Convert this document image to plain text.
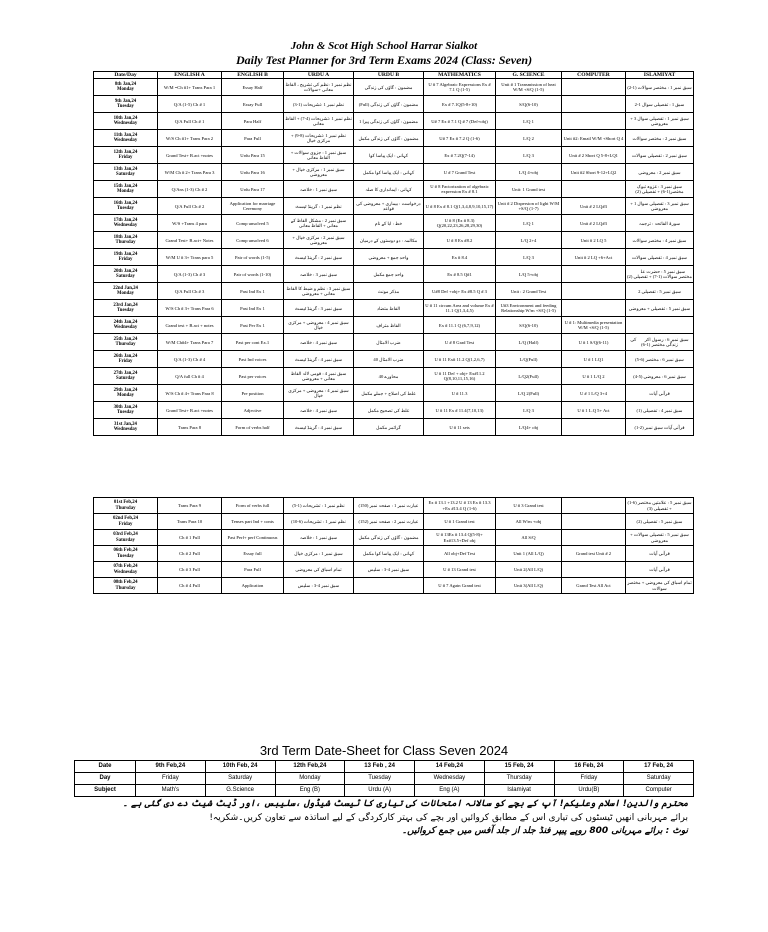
John & Scot High School Harrar Sialkot
Daily Test Planner for 3rd Term Exams 2024 (Class: Seven)
Date/Day	ENGLISH A	ENGLISH B	URDU A	URDU B	MATHEMATICS	G. SCIENCE	COMPUTER	ISLAMIYAT

8th Jan,24
Monday	W/M =Ch #1+ Trans Para 1	Essay Half	نظم نمبر 1 :نظم کی تشریح ، الفاظ معانی +سوالات	مضمون : گاؤں کی زندگی	U # 7 Algebraic Expressions Ex # 7.1 Q (1-5)	Unit # 1 Transmission of heat W/M +S/Q (1-5)		سبق نمبر 1 : مختصر سوالات (1-2)

9th Jan,24
Tuesday	Q/A (1-5) Ch # 1	Essay Full	نظم نمبر 1 :تشریحات (1-3)	مضمون : گاؤں کی زندگی (Full)	Ex # 7.1Q(5-8+10)	S/Q(6-10)		سبق 1 : تفصیلی سوال 1-2

10th Jan,24
Wednesday	Q/A Full Ch # 1	Para Half	نظم نمبر 1 :تشریحات (4-7) + الفاظ معانی	مضمون : گاؤں کی زندگی پیرا 1	U# 7 Ex # 7.1 Q # 7 (Def+obj)	L/Q 1		سبق نمبر 1 : تفصیلی سوال 3 + معروضی

11th Jan,24
Wednesday	W/S Ch #1+ Trans Para 2	Para Full	نظم نمبر 1 :تشریحات (8-9) + مرکزی خیال	مضمون : گاؤں کی زندگی مکمل	U# 7 Ex # 7.2 Q (1-6)	L/Q 2	Unit #2: Email W/M +Short Q 4	سبق نمبر 2 : مختصر سوالات

12th Jan,24
Friday	Grand Test+ B.act +notes	Urdu Para 15	سبق نمبر 1 : جزوی سوالات + الفاظ معانی	کہانی : ایک پیاسا کوا	Ex # 7.2Q(7-14)	L/Q 3	Unit # 2 Short Q 5-8+LQ1	سبق نمبر 2 : تفصیلی سوالات

13th Jan,24
Saturday	W/M Ch # 2+ Trans Para 3	Urdu Para 16	سبق نمبر 1 : مرکزی خیال + معروضی	کہانی : ایک پیاسا کوا مکمل	U # 7 Grand Test	L/Q 4+obj	Unit #2 Short 9-12+LQ2	سبق نمبر 2 : معروضی

15th Jan,24
Monday	Q/Ans (1-3) Ch # 2	Urdu Para 17	سبق نمبر 1 : خلاصہ	کہانی : ایمانداری کا صلہ	U # 8 Factorization of algebraic expression Ex # 8.1	Unit: 1 Grand test		سبق نمبر 3 : غزوہ تبوک مختصر(1-6) + تفصیلی (2)

16th Jan,24
Tuesday	Q/A Full Ch # 2	Application for marriage Ceremony	نظم نمبر 1 : گرینڈ ٹیسٹ	درخواست : بیماری + معروضی کی قواعد	U # 8 Ex # 8.1 Q(1,3,4,8,9,10,15,17)	Unit # 2 Dispersion of light W/M +S/Q (1-7)	Unit # 2 LQ#3	سبق نمبر 3 : تفصیلی سوال 1 + معروضی

17th Jan,24
Wednesday	W/S +Trans 4 para	Comp unsolved 5	سبق نمبر 2 : مشکل الفاظ کے معانی + الفاظ معانی	خط : ابا کے نام	U # 8 (Ex # 8.3) Q(20,22,23,26,28,29,30)	L/Q 1	Unit # 2 LQ#3	سورۃ الفاتحہ : ترجمہ

18th Jan,24
Thursday	Grand Test+ B.act+ Notes	Comp unsolved 6	سبق نمبر 2 : مرکزی خیال + معروضی	مکالمہ : دو دوستوں کے درمیان	U # 8 Ex #8.2	L/Q 2+4	Unit # 2 LQ 5	سبق نمبر 4 : مختصر سوالات

19th Jan,24
Friday	W/M U # 3+ Trans para 5	Pair of words (1-5)	سبق نمبر 2 : گرینڈ ٹیسٹ	واحد جمع + معروضی	Ex # 8.4	L/Q 3	Unit # 2 LQ +6+Act	سبق نمبر 4 : تفصیلی سوالات

20th Jan,24
Saturday	Q/A (1-3) Ch # 3	Pair of words (1-10)	سبق نمبر 3 : خلاصہ	واحد جمع مکمل	Ex # 8.5 Q#1	L/Q 5+obj		سبق نمبر 5 : حضرت علیؓ مختصر سوالات (1-7) + تفصیلی (2)

22nd Jan,24
Monday	Q/A Full Ch # 3	Past Ind Ex 1	سبق نمبر 3 : نظم و ضبط کا الفاظ معانی + معروضی	مذکر مونث	U#8 Def +obj+ Ex #8.5 Q # 3	Unit : 2 Grand Test		سبق نمبر 5 : تفصیلی 2

23rd Jan,24
Tuesday	W/S Ch # 3+ Trans Para 6	Past Ind Ex 1	سبق نمبر 3 : گرینڈ ٹیسٹ	الفاظ متضاد	U # 11 circum Area and volume Ex # 11.1 Q(1,3,4,5)	U#3 Environment and feeding Relationship W/m +S/Q (1-5)		سبق نمبر 5 : تفصیلی + معروضی

24th Jan,24
Wednesday	Grand test + B.act + notes	Past Per Ex 1	سبق نمبر 4 : معروضی + مرکزی خیال	الفاظ متراف	Ex # 11.1 Q (6,7,9,12)	S/Q(6-10)	U # 1: Multimedia presentation W/M +S/Q (1-5)	

25th Jan,24
Thursday	W/M Ch#4+ Trans Para 7	Past per cont Ex.1	سبق نمبر 4 : خلاصہ	ضرب الامثال	U # 8 Grad Test	L/Q (Half)	U # 1 S/Q(6-11)	سبق نمبر 6 : رسول اکرمؐ کی زندگی مختصر (1-6)

26th Jan,24
Friday	Q/A (1-3) Ch # 4	Past Ind voices	سبق نمبر 4 : گرینڈ ٹیسٹ	ضرب الامثال 40	U # 11 Ex# 11.2 Q(1,2,6,7)	L/Q(Full)	U # 1 LQ1	سبق نمبر 6 : مختصر (6-5)

27th Jan,24
Saturday	Q/A full Ch # 4	Past per voices	سبق نمبر 4 : قومی لالہ الفاظ معانی + معروضی	محاورے 40	U # 11 Def + obj+ Ex#11.2 Q(8,10,11,15,16)	L/Q2(Full)	U # 1 L/Q 2	سبق نمبر 6 : معروضی (5-4)

29th Jan,24
Monday	W/S Ch # 4+ Trans Para 8	Pre position	سبق نمبر 4 : معروضی + مرکزی خیال	غلط کی اصلاح + جملے مکمل	U # 11.3	L/Q 2(Full)	U # 1 L/Q 3+4	قرآنی آیات

30th Jan,24
Tuesday	Grand Test+ B.act +notes	Adjective	سبق نمبر 4 : خلاصہ	غلط کی تصحیح مکمل	U # 11 Ex # 11.4(7,10,13)	L/Q 3	U # 1 L.Q 5+ Act	سبق نمبر 4 : تفصیلی (1)

31st Jan,24
Wednesday	Trans Para 8	Form of verbs half	سبق نمبر 4 : گرینڈ ٹیسٹ	گرائمر مکمل	U # 11 sets	L/Q4+ obj		قرآنی آیات سبق نمبر (2-1)
01st Feb,24
Thursday	Trans Para 9	Form of verbs full	نظم نمبر 1 : تشریحات (1-5)	عبارت نمبر 1 : صفحہ نمبر (150)	Ex # 13.1 +13.2 U # 13 Ex # 13.3 +Ex #13.4 Q (1-6)	U # 3 Grand test		سبق نمبر 5 : علامتیں مختصر (6-1) + تفصیلی (3)

02nd Feb,24
Friday	Trans Para 10	Tenses part Ind + conts	نظم نمبر 1 : تشریحات (6-10)	عبارت نمبر 2 : صفحہ نمبر (152)	U # 1 Grand test	All W/m +obj		سبق نمبر 5 : تفصیلی (2)

03rd Feb,24
Saturday	Ch # 1 Full	Past Perf+ perf Continuous	سبق نمبر 1 : خلاصہ	مضمون : گاؤں کی زندگی مکمل	U # 13Ex # 13.4 Q(5-8)+ Ex#13.5+Def obj	All S/Q		سبق نمبر 5 : تفصیلی سوالات + معروضی

06th Feb,24
Tuesday	Ch # 2 Full	Essay full	سبق نمبر 1 : مرکزی خیال	کہانی : ایک پیاسا کوا مکمل	All obj+Def Test	Unit 1 (All L/Q)	Grand test Unit # 2	قرآنی آیات

07th Feb,24
Wednesday	Ch # 3 Full	Para Full	تمام اسباق کی معروضی	سبق نمبر 4-3 : سلیس	U # 13 Grand test	Unit 2(All L/Q)		قرآنی آیات

08th Feb,24
Thursday	Ch # 4 Full	Application	سبق نمبر 4-3 : سلیس		U # 7 Again Grand test	Unit 3(All L/Q)	Grand Test All Act	تمام اسباق کی معروضی + مختصر سوالات
3rd Term Date-Sheet for Class Seven 2024
Date	9th Feb,24	10th Feb, 24	12th Feb,24	13 Feb , 24	14 Feb,24	15 Feb, 24	16 Feb, 24	17 Feb, 24
Day	Friday	Saturday	Monday	Tuesday	Wednesday	Thursday	Friday	Saturday
Subject	Math's	G.Science	Eng (B)	Urdu (A)	Eng (A)	Islamiyat	Urdu(B)	Computer
محترم والدین! اسلام وعلیکم! آپ کے بچے کو سالانہ امتحانات کی تیاری کا ٹیسٹ شیڈول ،سلیبس ،اور ڈیٹ شیٹ دے دی گئی ہے ۔
برائے مہربانی انھیں ٹیسٹوں کی تیاری اس کے مطابق کروائیں اور بچے کی بہتر کارکردگی کے لیے اساتذہ سے تعاون کریں۔شکریہ!
نوٹ : برائے مہربانی 800 روپے پیپر فنڈ جلد از جلد آفس میں جمع کروائیں۔
